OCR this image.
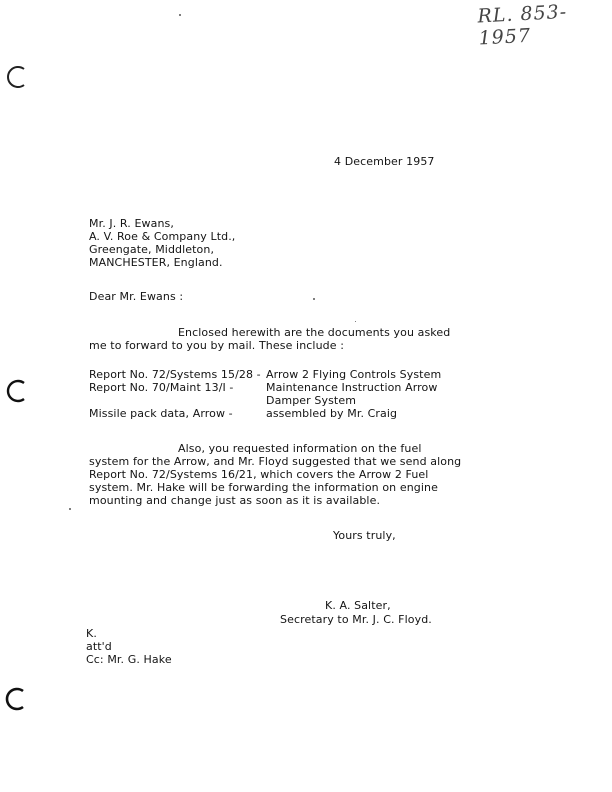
RL. 853-1957
4 December 1957
Mr. J. R. Ewans,
A. V. Roe & Company Ltd.,
Greengate, Middleton,
MANCHESTER, England.
Dear Mr. Ewans :
Enclosed herewith are the documents you asked
me to forward to you by mail. These include :
Report No. 72/Systems 15/28 - Arrow 2 Flying Controls System
Report No. 70/Maint 13/I -	Maintenance Instruction Arrow
Damper System
Missile pack data, Arrow -	assembled by Mr. Craig
Also, you requested information on the fuel
system for the Arrow, and Mr. Floyd suggested that we send along
Report No. 72/Systems 16/21, which covers the Arrow 2 Fuel
system. Mr. Hake will be forwarding the information on engine
mounting and change just as soon as it is available.
Yours truly,
K. A. Salter,
Secretary to Mr. J. C. Floyd.
K.
att'd
Cc: Mr. G. Hake
